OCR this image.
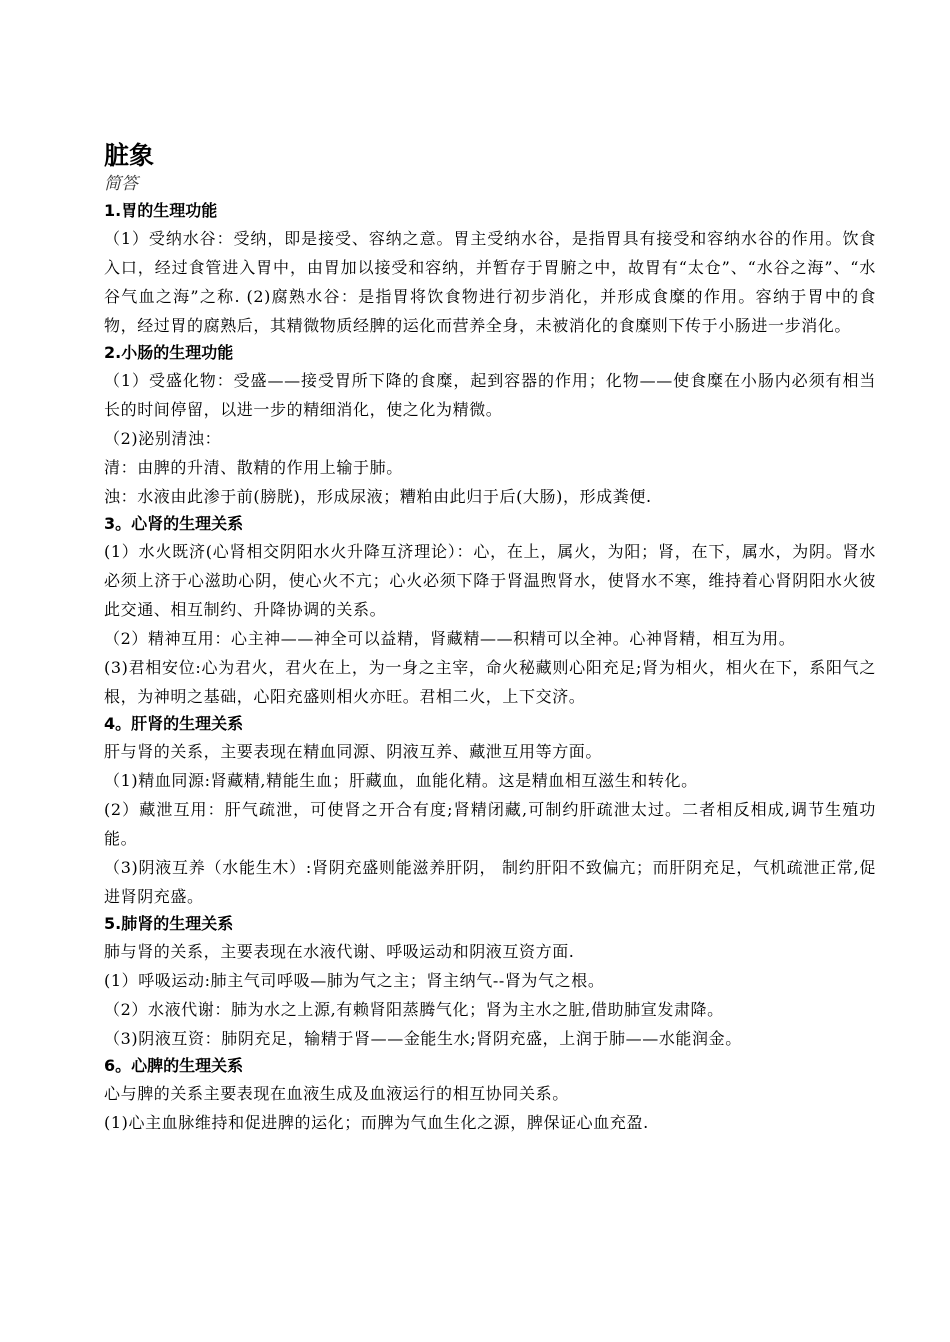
脏象
简答
1.胃的生理功能

（1）受纳水谷：受纳，即是接受、容纳之意。胃主受纳水谷，是指胃具有接受和容纳水谷的作用。饮食入口，经过食管进入胃中，由胃加以接受和容纳，并暂存于胃腑之中，故胃有“太仓”、“水谷之海”、“水谷气血之海”之称. (2)腐熟水谷：是指胃将饮食物进行初步消化，并形成食糜的作用。容纳于胃中的食物，经过胃的腐熟后，其精微物质经脾的运化而营养全身，未被消化的食糜则下传于小肠进一步消化。

2.小肠的生理功能

（1）受盛化物：受盛——接受胃所下降的食糜，起到容器的作用；化物——使食糜在小肠内必须有相当长的时间停留，以进一步的精细消化，使之化为精微。

（2)泌别清浊：

清：由脾的升清、散精的作用上输于肺。

浊：水液由此渗于前(膀胱)，形成尿液；糟粕由此归于后(大肠)，形成粪便.

3。心肾的生理关系

(1）水火既济(心肾相交阴阳水火升降互济理论）：心，在上，属火，为阳；肾，在下，属水，为阴。肾水必须上济于心滋助心阴，使心火不亢；心火必须下降于肾温煦肾水，使肾水不寒，维持着心肾阴阳水火彼此交通、相互制约、升降协调的关系。

（2）精神互用：心主神——神全可以益精，肾藏精——积精可以全神。心神肾精，相互为用。

(3)君相安位:心为君火，君火在上，为一身之主宰，命火秘藏则心阳充足;肾为相火，相火在下，系阳气之根，为神明之基础，心阳充盛则相火亦旺。君相二火，上下交济。

4。肝肾的生理关系

肝与肾的关系，主要表现在精血同源、阴液互养、藏泄互用等方面。

（1)精血同源:肾藏精,精能生血；肝藏血，血能化精。这是精血相互滋生和转化。

(2）藏泄互用：肝气疏泄，可使肾之开合有度;肾精闭藏,可制约肝疏泄太过。二者相反相成,调节生殖功能。

（3)阴液互养（水能生木）:肾阴充盛则能滋养肝阴， 制约肝阳不致偏亢；而肝阴充足，气机疏泄正常,促进肾阴充盛。

5.肺肾的生理关系

肺与肾的关系，主要表现在水液代谢、呼吸运动和阴液互资方面.

(1）呼吸运动:肺主气司呼吸—肺为气之主；肾主纳气--肾为气之根。

（2）水液代谢：肺为水之上源,有赖肾阳蒸腾气化；肾为主水之脏,借助肺宣发肃降。

（3)阴液互资：肺阴充足，输精于肾——金能生水;肾阴充盛，上润于肺——水能润金。

6。心脾的生理关系

心与脾的关系主要表现在血液生成及血液运行的相互协同关系。

(1)心主血脉维持和促进脾的运化；而脾为气血生化之源，脾保证心血充盈.
